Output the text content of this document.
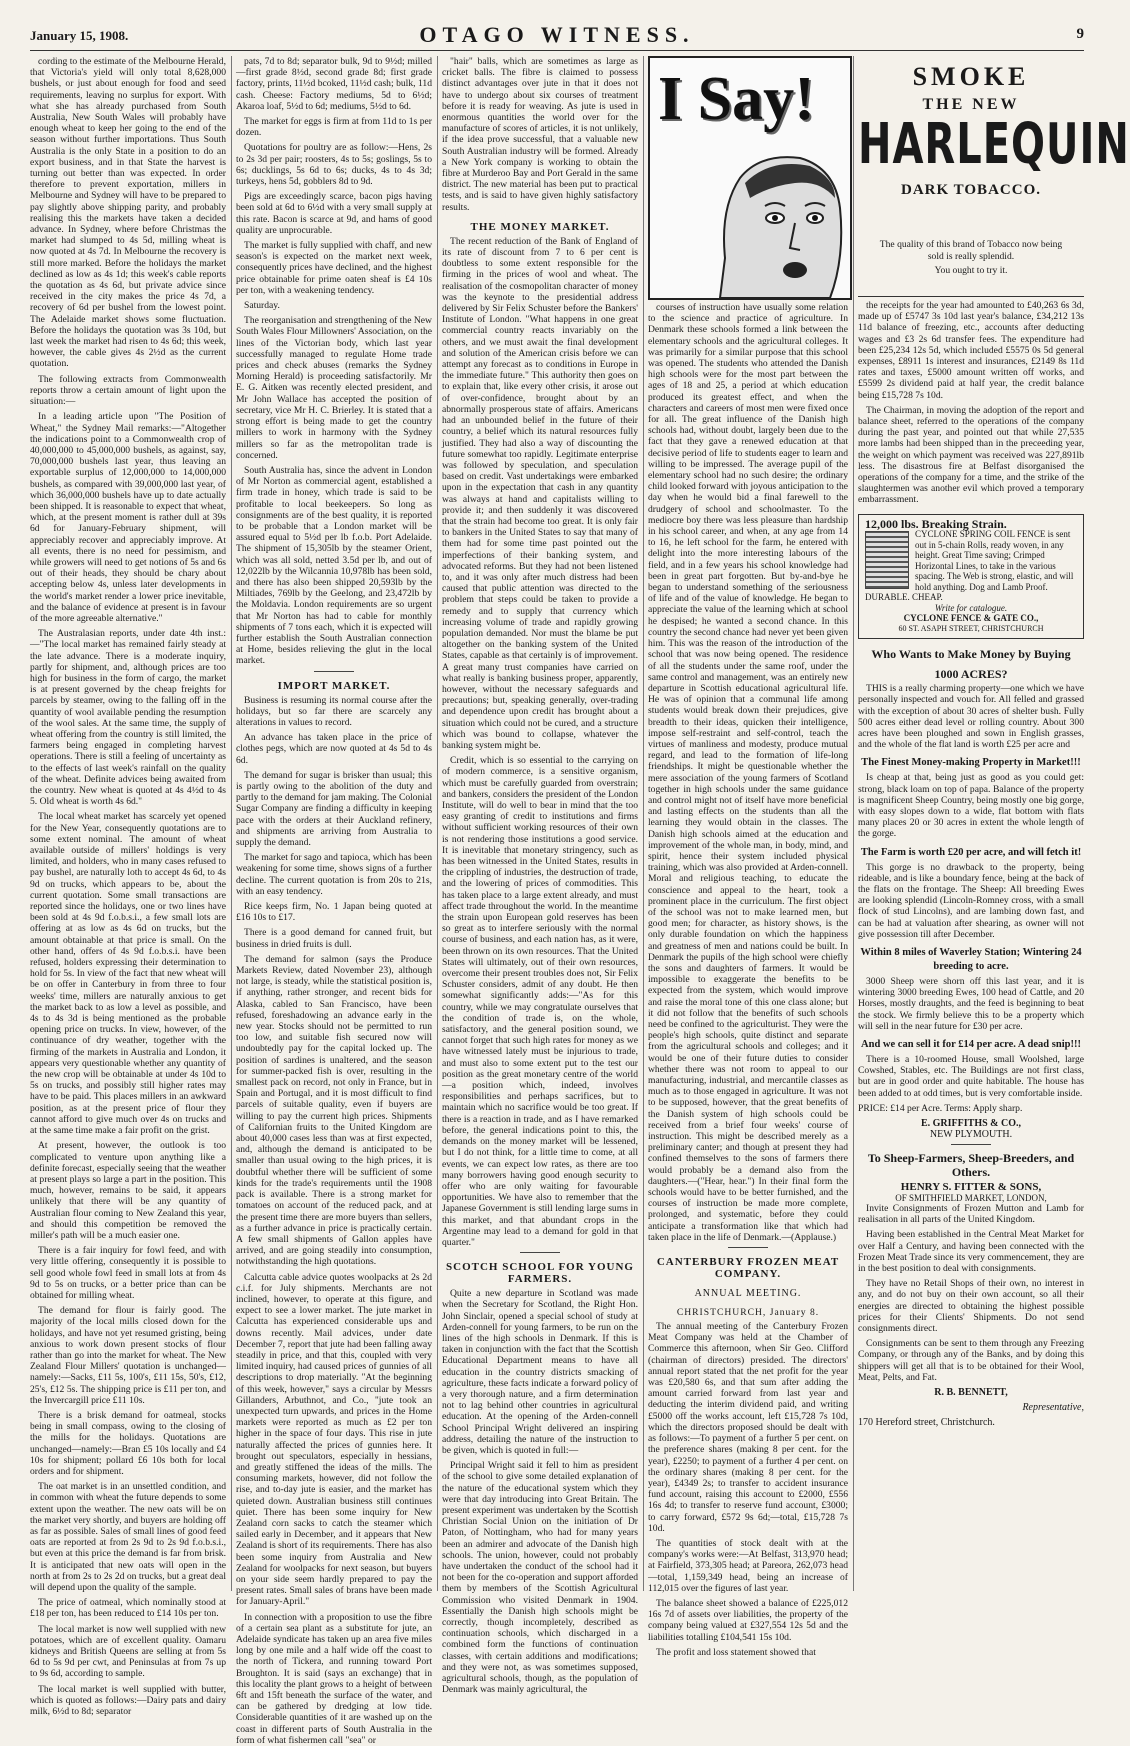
January 15, 1908.	OTAGO WITNESS.	9

cording to the estimate of the Melbourne Herald, that Victoria's yield will only total 8,628,000 bushels, or just about enough for food and seed requirements, leaving no surplus for export. With what she has already purchased from South Australia, New South Wales will probably have enough wheat to keep her going to the end of the season without further importations. Thus South Australia is the only State in a position to do an export business, and in that State the harvest is turning out better than was expected. In order therefore to prevent exportation, millers in Melbourne and Sydney will have to be prepared to pay slightly above shipping parity, and probably realising this the markets have taken a decided advance. In Sydney, where before Christmas the market had slumped to 4s 5d, milling wheat is now quoted at 4s 7d. In Melbourne the recovery is still more marked. Before the holidays the market declined as low as 4s 1d; this week's cable reports the quotation as 4s 6d, but private advice since received in the city makes the price 4s 7d, a recovery of 6d per bushel from the lowest point. The Adelaide market shows some fluctuation. Before the holidays the quotation was 3s 10d, but last week the market had risen to 4s 6d; this week, however, the cable gives 4s 2½d as the current quotation.

The following extracts from Commonwealth reports throw a certain amount of light upon the situation:—

In a leading article upon "The Position of Wheat," the Sydney Mail remarks:—"Altogether the indications point to a Commonwealth crop of 40,000,000 to 45,000,000 bushels, as against, say, 70,000,000 bushels last year, thus leaving an exportable surplus of 12,000,000 to 14,000,000 bushels, as compared with 39,000,000 last year, of which 36,000,000 bushels have up to date actually been shipped. It is reasonable to expect that wheat, which, at the present moment is rather dull at 39s 6d for January-February shipment, will appreciably recover and appreciably improve. At all events, there is no need for pessimism, and while growers will need to get notions of 5s and 6s out of their heads, they should be chary about accepting below 4s, unless later developments in the world's market render a lower price inevitable, and the balance of evidence at present is in favour of the more agreeable alternative."

The Australasian reports, under date 4th inst.:—"The local market has remained fairly steady at the late advance. There is a moderate inquiry, partly for shipment, and, although prices are too high for business in the form of cargo, the market is at present governed by the cheap freights for parcels by steamer, owing to the falling off in the quantity of wool available pending the resumption of the wool sales. At the same time, the supply of wheat offering from the country is still limited, the farmers being engaged in completing harvest operations. There is still a feeling of uncertainty as to the effects of last week's rainfall on the quality of the wheat. Definite advices being awaited from the country. New wheat is quoted at 4s 4½d to 4s 5. Old wheat is worth 4s 6d."

The local wheat market has scarcely yet opened for the New Year, consequently quotations are to some extent nominal. The amount of wheat available outside of millers' holdings is very limited, and holders, who in many cases refused to pay bushel, are naturally loth to accept 4s 6d, to 4s 9d on trucks, which appears to be, about the current quotation. Some small transactions are reported since the holidays, one or two lines have been sold at 4s 9d f.o.b.s.i., a few small lots are offering at as low as 4s 6d on trucks, but the amount obtainable at that price is small. On the other hand, offers of 4s 9d f.o.b.s.i. have been refused, holders expressing their determination to hold for 5s. In view of the fact that new wheat will be on offer in Canterbury in from three to four weeks' time, millers are naturally anxious to get the market back to as low a level as possible, and 4s to 4s 3d is being mentioned as the probable opening price on trucks. In view, however, of the continuance of dry weather, together with the firming of the markets in Australia and London, it appears very questionable whether any quantity of the new crop will be obtainable at under 4s 10d to 5s on trucks, and possibly still higher rates may have to be paid. This places millers in an awkward position, as at the present price of flour they cannot afford to give much over 4s on trucks and at the same time make a fair profit on the grist.

At present, however, the outlook is too complicated to venture upon anything like a definite forecast, especially seeing that the weather at present plays so large a part in the position. This much, however, remains to be said, it appears unlikely that there will be any quantity of Australian flour coming to New Zealand this year, and should this competition be removed the miller's path will be a much easier one.

There is a fair inquiry for fowl feed, and with very little offering, consequently it is possible to sell good whole fowl feed in small lots at from 4s 9d to 5s on trucks, or a better price than can be obtained for milling wheat.

The demand for flour is fairly good. The majority of the local mills closed down for the holidays, and have not yet resumed gristing, being anxious to work down present stocks of flour rather than go into the market for wheat. The New Zealand Flour Millers' quotation is unchanged—namely:—Sacks, £11 5s, 100's, £11 15s, 50's, £12, 25's, £12 5s. The shipping price is £11 per ton, and the Invercargill price £11 10s.

There is a brisk demand for oatmeal, stocks being in small compass, owing to the closing of the mills for the holidays. Quotations are unchanged—namely:—Bran £5 10s locally and £4 10s for shipment; pollard £6 10s both for local orders and for shipment.

The oat market is in an unsettled condition, and in common with wheat the future depends to some extent upon the weather. The new oats will be on the market very shortly, and buyers are holding off as far as possible. Sales of small lines of good feed oats are reported at from 2s 9d to 2s 9d f.o.b.s.i., but even at this price the demand is far from brisk. It is anticipated that new oats will open in the north at from 2s to 2s 2d on trucks, but a great deal will depend upon the quality of the sample.

The price of oatmeal, which nominally stood at £18 per ton, has been reduced to £14 10s per ton.

The local market is now well supplied with new potatoes, which are of excellent quality. Oamaru kidneys and British Queens are selling at from 5s 6d to 5s 9d per cwt, and Peninsulas at from 7s up to 9s 6d, according to sample.

The local market is well supplied with butter, which is quoted as follows:—Dairy pats and dairy milk, 6½d to 8d; separator

pats, 7d to 8d; separator bulk, 9d to 9½d; milled—first grade 8½d, second grade 8d; first grade factory, prints, 11½d bcoked, 11½d cash; bulk, 11d cash. Cheese: Factory mediums, 5d to 6½d; Akaroa loaf, 5½d to 6d; mediums, 5½d to 6d.

The market for eggs is firm at from 11d to 1s per dozen.

Quotations for poultry are as follow:—Hens, 2s to 2s 3d per pair; roosters, 4s to 5s; goslings, 5s to 6s; ducklings, 5s 6d to 6s; ducks, 4s to 4s 3d; turkeys, hens 5d, gobblers 8d to 9d.

Pigs are exceedingly scarce, bacon pigs having been sold at 6d to 6½d with a very small supply at this rate. Bacon is scarce at 9d, and hams of good quality are unprocurable.

The market is fully supplied with chaff, and new season's is expected on the market next week, consequently prices have declined, and the highest price obtainable for prime oaten sheaf is £4 10s per ton, with a weakening tendency.

Saturday.

The reorganisation and strengthening of the New South Wales Flour Millowners' Association, on the lines of the Victorian body, which last year successfully managed to regulate Home trade prices and check abuses (remarks the Sydney Morning Herald) is proceeding satisfactorily. Mr E. G. Aitken was recently elected president, and Mr John Wallace has accepted the position of secretary, vice Mr H. C. Brierley. It is stated that a strong effort is being made to get the country millers to work in harmony with the Sydney millers so far as the metropolitan trade is concerned.

South Australia has, since the advent in London of Mr Norton as commercial agent, established a firm trade in honey, which trade is said to be profitable to local beekeepers. So long as consignments are of the best quality, it is reported to be probable that a London market will be assured equal to 5½d per lb f.o.b. Port Adelaide. The shipment of 15,305lb by the steamer Orient, which was all sold, netted 3.5d per lb, and out of 12,022lb by the Wilcannia 10,978lb has been sold, and there has also been shipped 20,593lb by the Miltiades, 769lb by the Geelong, and 23,472lb by the Moldavia. London requirements are so urgent that Mr Norton has had to cable for monthly shipments of 7 tons each, which it is expected will further establish the South Australian connection at Home, besides relieving the glut in the local market.

IMPORT MARKET.

Business is resuming its normal course after the holidays, but so far there are scarcely any alterations in values to record.

An advance has taken place in the price of clothes pegs, which are now quoted at 4s 5d to 4s 6d.

The demand for sugar is brisker than usual; this is partly owing to the abolition of the duty and partly to the demand for jam making. The Colonial Sugar Company are finding a difficulty in keeping pace with the orders at their Auckland refinery, and shipments are arriving from Australia to supply the demand.

The market for sago and tapioca, which has been weakening for some time, shows signs of a further decline. The current quotation is from 20s to 21s, with an easy tendency.

Rice keeps firm, No. 1 Japan being quoted at £16 10s to £17.

There is a good demand for canned fruit, but business in dried fruits is dull.

The demand for salmon (says the Produce Markets Review, dated November 23), although not large, is steady, while the statistical position is, if anything, rather stronger, and recent bids for Alaska, cabled to San Francisco, have been refused, foreshadowing an advance early in the new year. Stocks should not be permitted to run too low, and suitable fish secured now will undoubtedly pay for the capital locked up. The position of sardines is unaltered, and the season for summer-packed fish is over, resulting in the smallest pack on record, not only in France, but in Spain and Portugal, and it is most difficult to find parcels of suitable quality, even if buyers are willing to pay the current high prices. Shipments of Californian fruits to the United Kingdom are about 40,000 cases less than was at first expected, and, although the demand is anticipated to be smaller than usual owing to the high prices, it is doubtful whether there will be sufficient of some kinds for the trade's requirements until the 1908 pack is available. There is a strong market for tomatoes on account of the reduced pack, and at the present time there are more buyers than sellers, as a further advance in price is practically certain. A few small shipments of Gallon apples have arrived, and are going steadily into consumption, notwithstanding the high quotations.

Calcutta cable advice quotes woolpacks at 2s 2d c.i.f. for July shipments. Merchants are not inclined, however, to operate at this figure, and expect to see a lower market. The jute market in Calcutta has experienced considerable ups and downs recently. Mail advices, under date December 7, report that jute had been falling away steadily in price, and that this, coupled with very limited inquiry, had caused prices of gunnies of all descriptions to drop materially. "At the beginning of this week, however," says a circular by Messrs Gillanders, Arbuthnot, and Co., "jute took an unexpected turn upwards, and prices in the Home markets were reported as much as £2 per ton higher in the space of four days. This rise in jute naturally affected the prices of gunnies here. It brought out speculators, especially in hessians, and greatly stiffened the ideas of the mills. The consuming markets, however, did not follow the rise, and to-day jute is easier, and the market has quieted down. Australian business still continues quiet. There has been some inquiry for New Zealand corn sacks to catch the steamer which sailed early in December, and it appears that New Zealand is short of its requirements. There has also been some inquiry from Australia and New Zealand for woolpacks for next season, but buyers on your side seem hardly prepared to pay the present rates. Small sales of brans have been made for January-April."

In connection with a proposition to use the fibre of a certain sea plant as a substitute for jute, an Adelaide syndicate has taken up an area five miles long by one mile and a half wide off the coast to the north of Tickera, and running toward Port Broughton. It is said (says an exchange) that in this locality the plant grows to a height of between 6ft and 15ft beneath the surface of the water, and can be gathered by dredging at low tide. Considerable quantities of it are washed up on the coast in different parts of South Australia in the form of what fishermen call "sea" or

"hair" balls, which are sometimes as large as cricket balls. The fibre is claimed to possess distinct advantages over jute in that it does not have to undergo about six courses of treatment before it is ready for weaving. As jute is used in enormous quantities the world over for the manufacture of scores of articles, it is not unlikely, if the idea prove successful, that a valuable new South Australian industry will be formed. Already a New York company is working to obtain the fibre at Murderoo Bay and Port Gerald in the same district. The new material has been put to practical tests, and is said to have given highly satisfactory results.

THE MONEY MARKET.

The recent reduction of the Bank of England of its rate of discount from 7 to 6 per cent is doubtless to some extent responsible for the firming in the prices of wool and wheat. The realisation of the cosmopolitan character of money was the keynote to the presidential address delivered by Sir Felix Schuster before the Bankers' Institute of London. "What happens in one great commercial country reacts invariably on the others, and we must await the final development and solution of the American crisis before we can attempt any forecast as to conditions in Europe in the immediate future." This authority then goes on to explain that, like every other crisis, it arose out of over-confidence, brought about by an abnormally prosperous state of affairs. Americans had an unbounded belief in the future of their country, a belief which its natural resources fully justified. They had also a way of discounting the future somewhat too rapidly. Legitimate enterprise was followed by speculation, and speculation based on credit. Vast undertakings were embarked upon in the expectation that cash in any quantity was always at hand and capitalists willing to provide it; and then suddenly it was discovered that the strain had become too great. It is only fair to bankers in the United States to say that many of them had for some time past pointed out the imperfections of their banking system, and advocated reforms. But they had not been listened to, and it was only after much distress had been caused that public attention was directed to the problem that steps could be taken to provide a remedy and to supply that currency which increasing volume of trade and rapidly growing population demanded. Nor must the blame be put altogether on the banking system of the United States, capable as that certainly is of improvement. A great many trust companies have carried on what really is banking business proper, apparently, however, without the necessary safeguards and precautions; but, speaking generally, over-trading and dependence upon credit has brought about a situation which could not be cured, and a structure which was bound to collapse, whatever the banking system might be.

Credit, which is so essential to the carrying on of modern commerce, is a sensitive organism, which must be carefully guarded from overstrain; and bankers, considers the president of the London Institute, will do well to bear in mind that the too easy granting of credit to institutions and firms without sufficient working resources of their own is not rendering those institutions a good service. It is inevitable that monetary stringency, such as has been witnessed in the United States, results in the crippling of industries, the destruction of trade, and the lowering of prices of commodities. This has taken place to a large extent already, and must affect trade throughout the world. In the meantime the strain upon European gold reserves has been so great as to interfere seriously with the normal course of business, and each nation has, as it were, been thrown on its own resources. That the United States will ultimately, out of their own resources, overcome their present troubles does not, Sir Felix Schuster considers, admit of any doubt. He then somewhat significantly adds:—"As for this country, while we may congratulate ourselves that the condition of trade is, on the whole, satisfactory, and the general position sound, we cannot forget that such high rates for money as we have witnessed lately must be injurious to trade, and must also to some extent put to the test our position as the great monetary centre of the world—a position which, indeed, involves responsibilities and perhaps sacrifices, but to maintain which no sacrifice would be too great. If there is a reaction in trade, and as I have remarked before, the general indications point to this, the demands on the money market will be lessened, but I do not think, for a little time to come, at all events, we can expect low rates, as there are too many borrowers having good enough security to offer who are only waiting for favourable opportunities. We have also to remember that the Japanese Government is still lending large sums in this market, and that abundant crops in the Argentine may lead to a demand for gold in that quarter."

SCOTCH SCHOOL FOR YOUNG FARMERS.

Quite a new departure in Scotland was made when the Secretary for Scotland, the Right Hon. John Sinclair, opened a special school of study at Arden-connell for young farmers, to be run on the lines of the high schools in Denmark. If this is taken in conjunction with the fact that the Scottish Educational Department means to have all education in the country districts smacking of agriculture, these facts indicate a forward policy of a very thorough nature, and a firm determination not to lag behind other countries in agricultural education. At the opening of the Arden-connell School Principal Wright delivered an inspiring address, detailing the nature of the instruction to be given, which is quoted in full:—

Principal Wright said it fell to him as president of the school to give some detailed explanation of the nature of the educational system which they were that day introducing into Great Britain. The present experiment was undertaken by the Scottish Christian Social Union on the initiation of Dr Paton, of Nottingham, who had for many years been an admirer and advocate of the Danish high schools. The union, however, could not probably have undertaken the conduct of the school had it not been for the co-operation and support afforded them by members of the Scottish Agricultural Commission who visited Denmark in 1904. Essentially the Danish high schools might be correctly, though incompletely, described as continuation schools, which discharged in a combined form the functions of continuation classes, with certain additions and modifications; and they were not, as was sometimes supposed, agricultural schools, though, as the population of Denmark was mainly agricultural, the

I Say!	SMOKE
THE NEW
HARLEQUIN
DARK TOBACCO.
The quality of this brand of Tobacco now being sold is really splendid.
You ought to try it.

courses of instruction have usually some relation to the science and practice of agriculture. In Denmark these schools formed a link between the elementary schools and the agricultural colleges. It was primarily for a similar purpose that this school was opened. The students who attended the Danish high schools were for the most part between the ages of 18 and 25, a period at which education produced its greatest effect, and when the characters and careers of most men were fixed once for all. The great influence of the Danish high schools had, without doubt, largely been due to the fact that they gave a renewed education at that decisive period of life to students eager to learn and willing to be impressed. The average pupil of the elementary school had no such desire; the ordinary child looked forward with joyous anticipation to the day when he would bid a final farewell to the drudgery of school and schoolmaster. To the mediocre boy there was less pleasure than hardship in his school career, and when, at any age from 14 to 16, he left school for the farm, he entered with delight into the more interesting labours of the field, and in a few years his school knowledge had been in great part forgotten. But by-and-bye he began to understand something of the seriousness of life and of the value of knowledge. He began to appreciate the value of the learning which at school he despised; he wanted a second chance. In this country the second chance had never yet been given him. This was the reason of the introduction of the school that was now being opened. The residence of all the students under the same roof, under the same control and management, was an entirely new departure in Scottish educational agricultural life. He was of opinion that a communal life among students would break down their prejudices, give breadth to their ideas, quicken their intelligence, impose self-restraint and self-control, teach the virtues of manliness and modesty, produce mutual regard, and lead to the formation of life-long friendships. It might be questionable whether the mere association of the young farmers of Scotland together in high schools under the same guidance and control might not of itself have more beneficial and lasting effects on the students than all the learning they would obtain in the classes. The Danish high schools aimed at the education and improvement of the whole man, in body, mind, and spirit, hence their system included physical training, which was also provided at Arden-connell. Moral and religious teaching, to educate the conscience and appeal to the heart, took a prominent place in the curriculum. The first object of the school was not to make learned men, but good men; for character, as history shows, is the only durable foundation on which the happiness and greatness of men and nations could be built. In Denmark the pupils of the high school were chiefly the sons and daughters of farmers. It would be impossible to exaggerate the benefits to be expected from the system, which would improve and raise the moral tone of this one class alone; but it did not follow that the benefits of such schools need be confined to the agriculturist. They were the people's high schools, quite distinct and separate from the agricultural schools and colleges; and it would be one of their future duties to consider whether there was not room to appeal to our manufacturing, industrial, and mercantile classes as much as to those engaged in agriculture. It was not to be supposed, however, that the great benefits of the Danish system of high schools could be received from a brief four weeks' course of instruction. This might be described merely as a preliminary canter; and though at present they had confined themselves to the sons of farmers there would probably be a demand also from the daughters.—("Hear, hear.") In their final form the schools would have to be better furnished, and the courses of instruction be made more complete, prolonged, and systematic, before they could anticipate a transformation like that which had taken place in the life of Denmark.—(Applause.)

CANTERBURY FROZEN MEAT COMPANY.
ANNUAL MEETING.
CHRISTCHURCH, January 8.

The annual meeting of the Canterbury Frozen Meat Company was held at the Chamber of Commerce this afternoon, when Sir Geo. Clifford (chairman of directors) presided. The directors' annual report stated that the net profit for the year was £20,580 6s, and that sum after adding the amount carried forward from last year and deducting the interim dividend paid, and writing £5000 off the works account, left £15,728 7s 10d, which the directors proposed should be dealt with as follows:—To payment of a further 5 per cent. on the preference shares (making 8 per cent. for the year), £2250; to payment of a further 4 per cent. on the ordinary shares (making 8 per cent. for the year), £4349 2s; to transfer to accident insurance fund account, raising this account to £2000, £556 16s 4d; to transfer to reserve fund account, £3000; to carry forward, £572 9s 6d;—total, £15,728 7s 10d.

The quantities of stock dealt with at the company's works were:—At Belfast, 313,970 head; at Fairfield, 373,305 head; at Pareora, 262,073 head—total, 1,159,349 head, being an increase of 112,015 over the figures of last year.

The balance sheet showed a balance of £225,012 16s 7d of assets over liabilities, the property of the company being valued at £327,554 12s 5d and the liabilities totalling £104,541 15s 10d.

The profit and loss statement showed that

the receipts for the year had amounted to £40,263 6s 3d, made up of £5747 3s 10d last year's balance, £34,212 13s 11d balance of freezing, etc., accounts after deducting wages and £3 2s 6d transfer fees. The expenditure had been £25,234 12s 5d, which included £5575 0s 5d general expenses, £8911 1s interest and insurances, £2149 8s 11d rates and taxes, £5000 amount written off works, and £5599 2s dividend paid at half year, the credit balance being £15,728 7s 10d.

The Chairman, in moving the adoption of the report and balance sheet, referred to the operations of the company during the past year, and pointed out that while 27,535 more lambs had been shipped than in the preceeding year, the weight on which payment was received was 227,891lb less. The disastrous fire at Belfast disorganised the operations of the company for a time, and the strike of the slaughtermen was another evil which proved a temporary embarrassment.

12,000 lbs. Breaking Strain.
CYCLONE SPRING COIL FENCE is sent out in 5-chain Rolls, ready woven, in any height. Great Time saving; Crimped Horizontal Lines, to take in the various spacing. The Web is strong, elastic, and will hold anything. Dog and Lamb Proof. DURABLE. CHEAP.
Write for catalogue.
CYCLONE FENCE & GATE CO.,
60 ST. ASAPH STREET, CHRISTCHURCH
Who Wants to Make Money by Buying
1000 ACRES?

THIS is a really charming property—one which we have personally inspected and vouch for. All felled and grassed with the exception of about 30 acres of shelter bush. Fully 500 acres either dead level or rolling country. About 300 acres have been ploughed and sown in English grasses, and the whole of the flat land is worth £25 per acre and

The Finest Money-making Property in Market!!!

Is cheap at that, being just as good as you could get: strong, black loam on top of papa. Balance of the property is magnificent Sheep Country, being mostly one big gorge, with easy slopes down to a wide, flat bottom with flats many places 20 or 30 acres in extent the whole length of the gorge.

The Farm is worth £20 per acre, and will fetch it!

This gorge is no drawback to the property, being rideable, and is like a boundary fence, being at the back of the flats on the frontage. The Sheep: All breeding Ewes are looking splendid (Lincoln-Romney cross, with a small flock of stud Lincolns), and are lambing down fast, and can be had at valuation after shearing, as owner will not give possession till after December.

Within 8 miles of Waverley Station; Wintering 24 breeding to acre.

3000 Sheep were shorn off this last year, and it is wintering 3000 breeding Ewes, 100 head of Cattle, and 20 Horses, mostly draughts, and the feed is beginning to beat the stock. We firmly believe this to be a property which will sell in the near future for £30 per acre.

And we can sell it for £14 per acre. A dead snip!!!

There is a 10-roomed House, small Woolshed, large Cowshed, Stables, etc. The Buildings are not first class, but are in good order and quite habitable. The house has been added to at odd times, but is very comfortable inside.

PRICE: £14 per Acre. Terms: Apply sharp.
E. GRIFFITHS & CO.,
NEW PLYMOUTH.
To Sheep-Farmers, Sheep-Breeders, and Others.
HENRY S. FITTER & SONS,
OF SMITHFIELD MARKET, LONDON,

Invite Consignments of Frozen Mutton and Lamb for realisation in all parts of the United Kingdom.

Having been established in the Central Meat Market for over Half a Century, and having been connected with the Frozen Meat Trade since its very commencement, they are in the best position to deal with consignments.

They have no Retail Shops of their own, no interest in any, and do not buy on their own account, so all their energies are directed to obtaining the highest possible prices for their Clients' Shipments. Do not send consignments direct.

Consignments can be sent to them through any Freezing Company, or through any of the Banks, and by doing this shippers will get all that is to be obtained for their Wool, Meat, Pelts, and Fat.

R. B. BENNETT,
Representative,
170 Hereford street, Christchurch.
